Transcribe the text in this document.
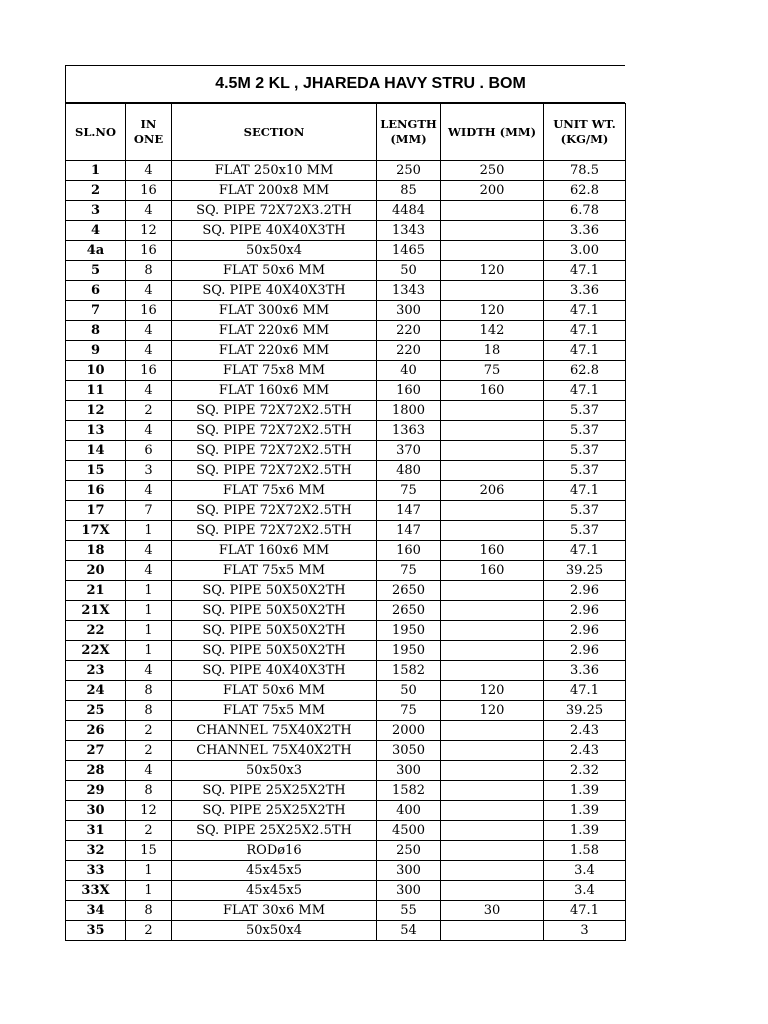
4.5M 2 KL , JHAREDA HAVY STRU . BOM
SL.NO	IN ONE	SECTION	LENGTH (MM)	WIDTH (MM)	UNIT WT. (KG/M)
1	4	FLAT 250x10 MM	250	250	78.5
2	16	FLAT 200x8 MM	85	200	62.8
3	4	SQ. PIPE 72X72X3.2TH	4484		6.78
4	12	SQ. PIPE 40X40X3TH	1343		3.36
4a	16	50x50x4	1465		3.00
5	8	FLAT 50x6 MM	50	120	47.1
6	4	SQ. PIPE 40X40X3TH	1343		3.36
7	16	FLAT 300x6 MM	300	120	47.1
8	4	FLAT 220x6 MM	220	142	47.1
9	4	FLAT 220x6 MM	220	18	47.1
10	16	FLAT 75x8 MM	40	75	62.8
11	4	FLAT 160x6 MM	160	160	47.1
12	2	SQ. PIPE 72X72X2.5TH	1800		5.37
13	4	SQ. PIPE 72X72X2.5TH	1363		5.37
14	6	SQ. PIPE 72X72X2.5TH	370		5.37
15	3	SQ. PIPE 72X72X2.5TH	480		5.37
16	4	FLAT 75x6 MM	75	206	47.1
17	7	SQ. PIPE 72X72X2.5TH	147		5.37
17X	1	SQ. PIPE 72X72X2.5TH	147		5.37
18	4	FLAT 160x6 MM	160	160	47.1
20	4	FLAT 75x5 MM	75	160	39.25
21	1	SQ. PIPE 50X50X2TH	2650		2.96
21X	1	SQ. PIPE 50X50X2TH	2650		2.96
22	1	SQ. PIPE 50X50X2TH	1950		2.96
22X	1	SQ. PIPE 50X50X2TH	1950		2.96
23	4	SQ. PIPE 40X40X3TH	1582		3.36
24	8	FLAT 50x6 MM	50	120	47.1
25	8	FLAT 75x5 MM	75	120	39.25
26	2	CHANNEL 75X40X2TH	2000		2.43
27	2	CHANNEL 75X40X2TH	3050		2.43
28	4	50x50x3	300		2.32
29	8	SQ. PIPE 25X25X2TH	1582		1.39
30	12	SQ. PIPE 25X25X2TH	400		1.39
31	2	SQ. PIPE 25X25X2.5TH	4500		1.39
32	15	RODø16	250		1.58
33	1	45x45x5	300		3.4
33X	1	45x45x5	300		3.4
34	8	FLAT 30x6 MM	55	30	47.1
35	2	50x50x4	54		3
